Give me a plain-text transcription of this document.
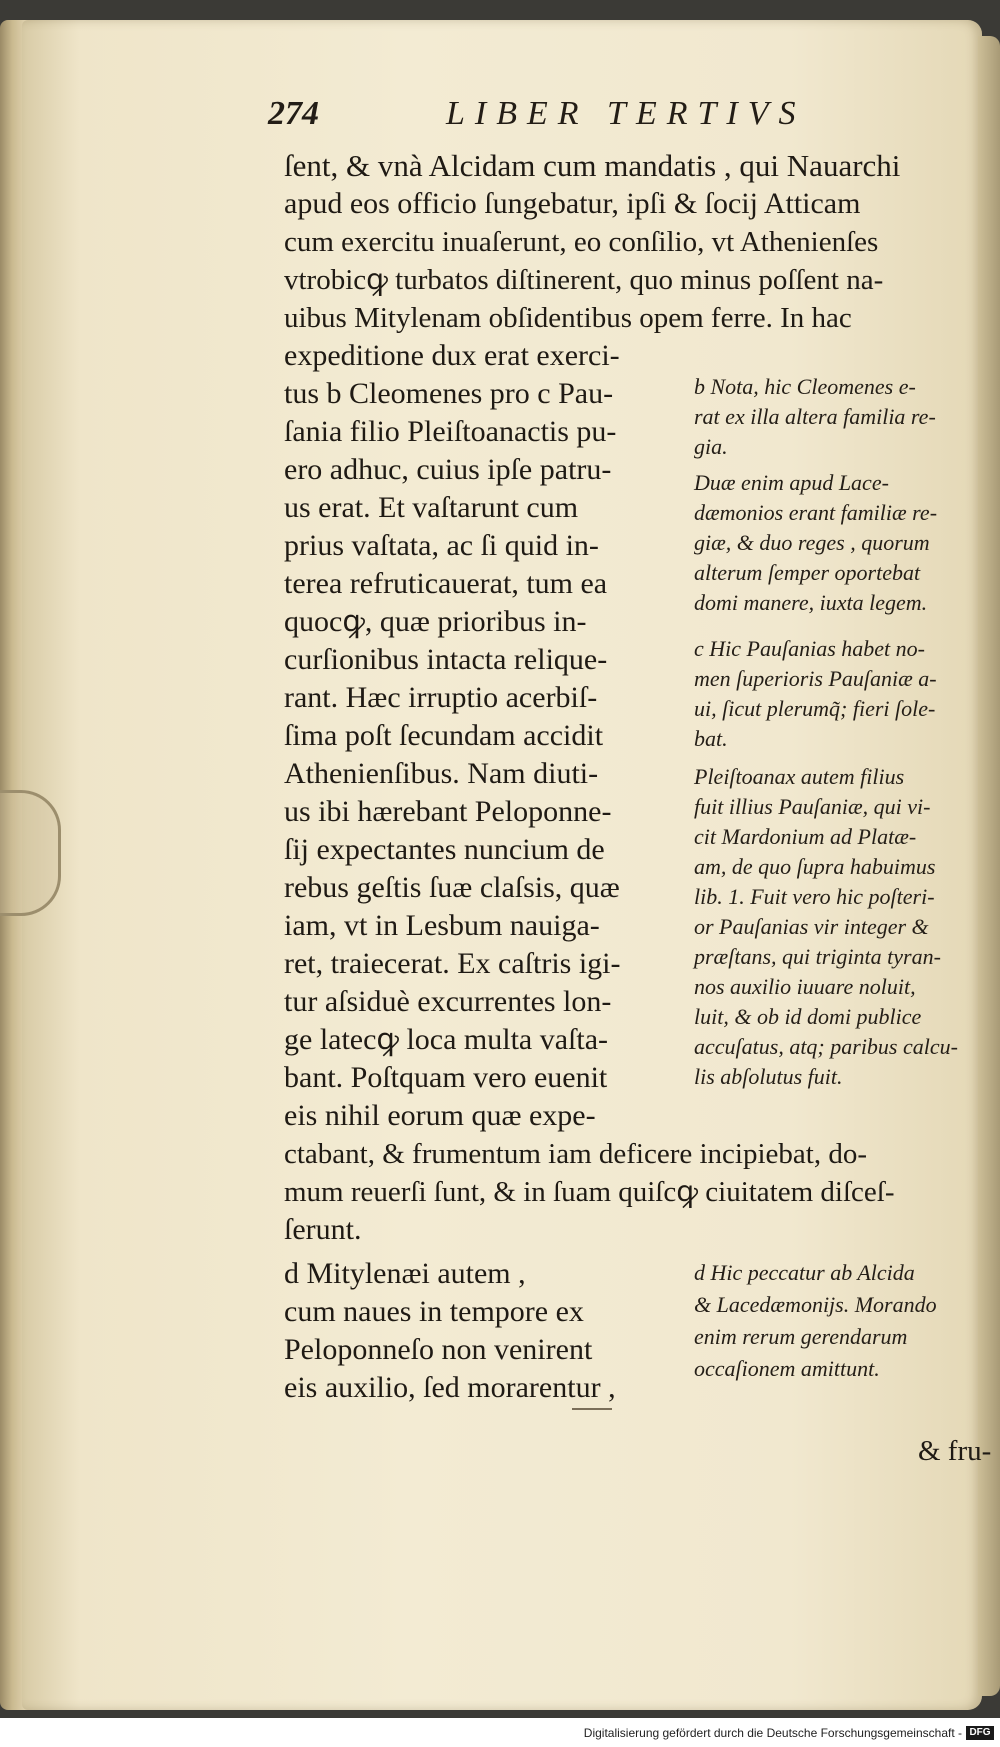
274	LIBER TERTIVS
ſent, & vnà Alcidam cum mandatis , qui Nauarchi
apud eos officio ſungebatur, ipſi & ſocij Atticam
cum exercitu inuaſerunt, eo conſilio, vt Athenienſes
vtrobicꝙ turbatos diſtinerent, quo minus poſſent na-
uibus Mitylenam obſidentibus opem ferre. In hac
expeditione dux erat exerci-
tus b Cleomenes pro c Pau-
ſania filio Pleiſtoanactis pu-
ero adhuc, cuius ipſe patru-
us erat. Et vaſtarunt cum
prius vaſtata, ac ſi quid in-
terea refruticauerat, tum ea
quocꝙ, quæ prioribus in-
curſionibus intacta relique-
rant. Hæc irruptio acerbiſ-
ſima poſt ſecundam accidit
Athenienſibus. Nam diuti-
us ibi hærebant Peloponne-
ſij expectantes nuncium de
rebus geſtis ſuæ claſsis, quæ
iam, vt in Lesbum nauiga-
ret, traiecerat. Ex caſtris igi-
tur aſsiduè excurrentes lon-
ge latecꝙ loca multa vaſta-
bant. Poſtquam vero euenit
eis nihil eorum quæ expe-
ctabant, & frumentum iam deficere incipiebat, do-
mum reuerſi ſunt, & in ſuam quiſcꝙ ciuitatem diſceſ-
ſerunt.
d Mitylenæi autem ,
cum naues in tempore ex
Peloponneſo non venirent
eis auxilio, ſed morarentur ,
b Nota, hic Cleomenes e-
rat ex illa altera familia re-
gia.
Duæ enim apud Lace-
dæmonios erant familiæ re-
giæ, & duo reges , quorum
alterum ſemper oportebat
domi manere, iuxta legem.
c Hic Pauſanias habet no-
men ſuperioris Pauſaniæ a-
ui, ſicut plerumq̃; fieri ſole-
bat.
Pleiſtoanax autem filius
fuit illius Pauſaniæ, qui vi-
cit Mardonium ad Platæ-
am, de quo ſupra habuimus
lib. 1. Fuit vero hic poſteri-
or Pauſanias vir integer &
præſtans, qui triginta tyran-
nos auxilio iuuare noluit,
luit, & ob id domi publice
accuſatus, atq; paribus calcu-
lis abſolutus fuit.
d Hic peccatur ab Alcida
& Lacedæmonijs. Morando
enim rerum gerendarum
occaſionem amittunt.
& fru-
Digitalisierung gefördert durch die Deutsche Forschungsgemeinschaft - DFG
